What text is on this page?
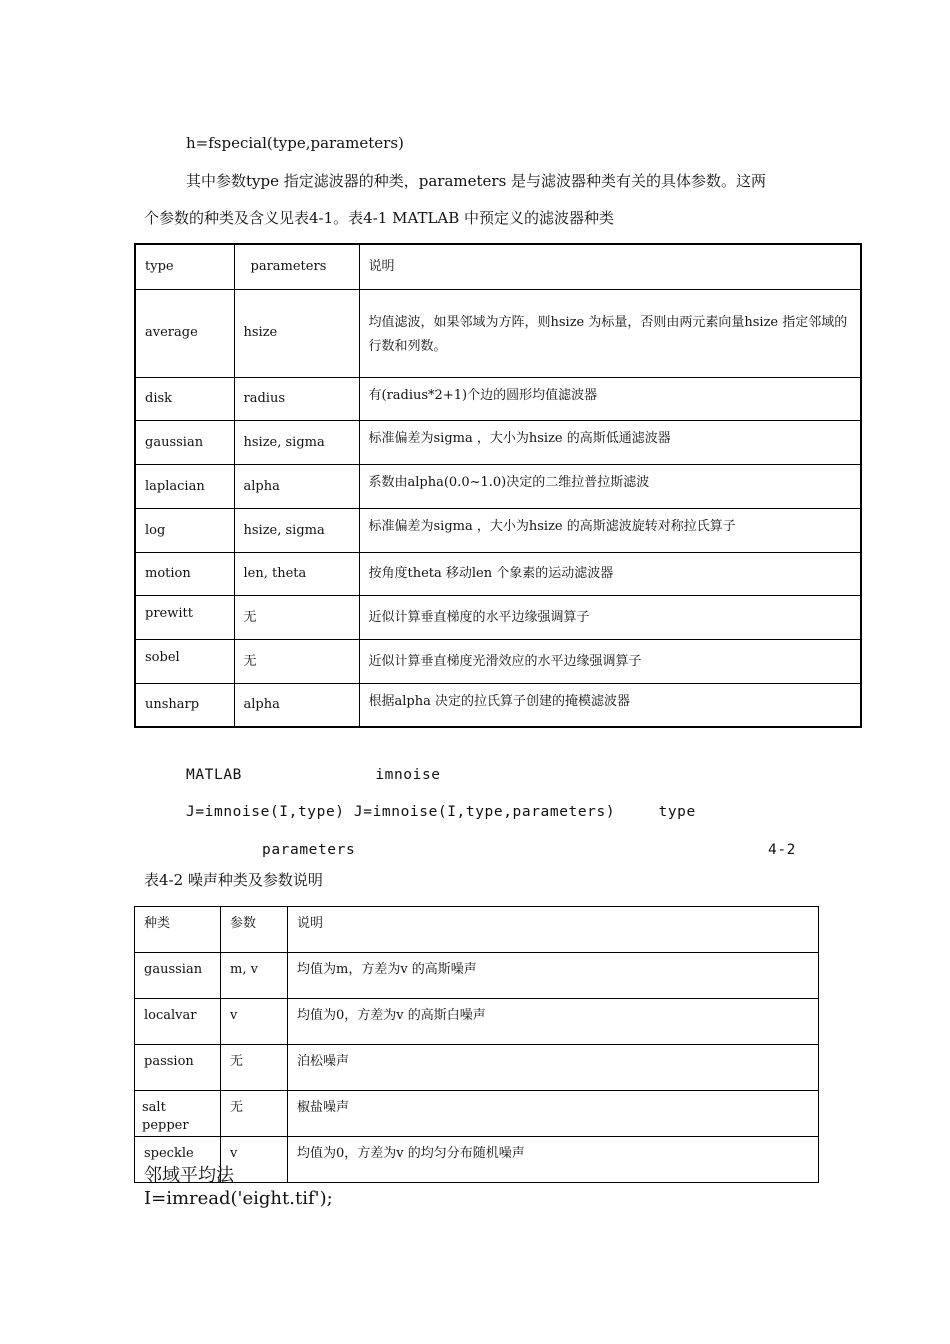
h=fspecial(type,parameters)
其中参数type 指定滤波器的种类，parameters 是与滤波器种类有关的具体参数。这两
个参数的种类及含义见表4-1。表4-1 MATLAB 中预定义的滤波器种类
type	parameters	说明
average	hsize	均值滤波，如果邻域为方阵，则hsize 为标量，否则由两元素向量hsize 指定邻域的行数和列数。
disk	radius	有(radius*2+1)个边的圆形均值滤波器
gaussian	hsize, sigma	标准偏差为sigma ，大小为hsize 的高斯低通滤波器
laplacian	alpha	系数由alpha(0.0~1.0)决定的二维拉普拉斯滤波
log	hsize, sigma	标准偏差为sigma ，大小为hsize 的高斯滤波旋转对称拉氏算子
motion	len, theta	按角度theta 移动len 个象素的运动滤波器
prewitt	无	近似计算垂直梯度的水平边缘强调算子
sobel	无	近似计算垂直梯度光滑效应的水平边缘强调算子
unsharp	alpha	根据alpha 决定的拉氏算子创建的掩模滤波器
MATLAB	imnoise
J=imnoise(I,type) J=imnoise(I,type,parameters) type
parameters	4-2
表4-2 噪声种类及参数说明
种类	参数	说明
gaussian	m, v	均值为m，方差为v 的高斯噪声
localvar	v	均值为0，方差为v 的高斯白噪声
passion	无	泊松噪声
salt pepper	无	椒盐噪声
speckle	v	均值为0，方差为v 的均匀分布随机噪声
邻域平均法
I=imread('eight.tif');
